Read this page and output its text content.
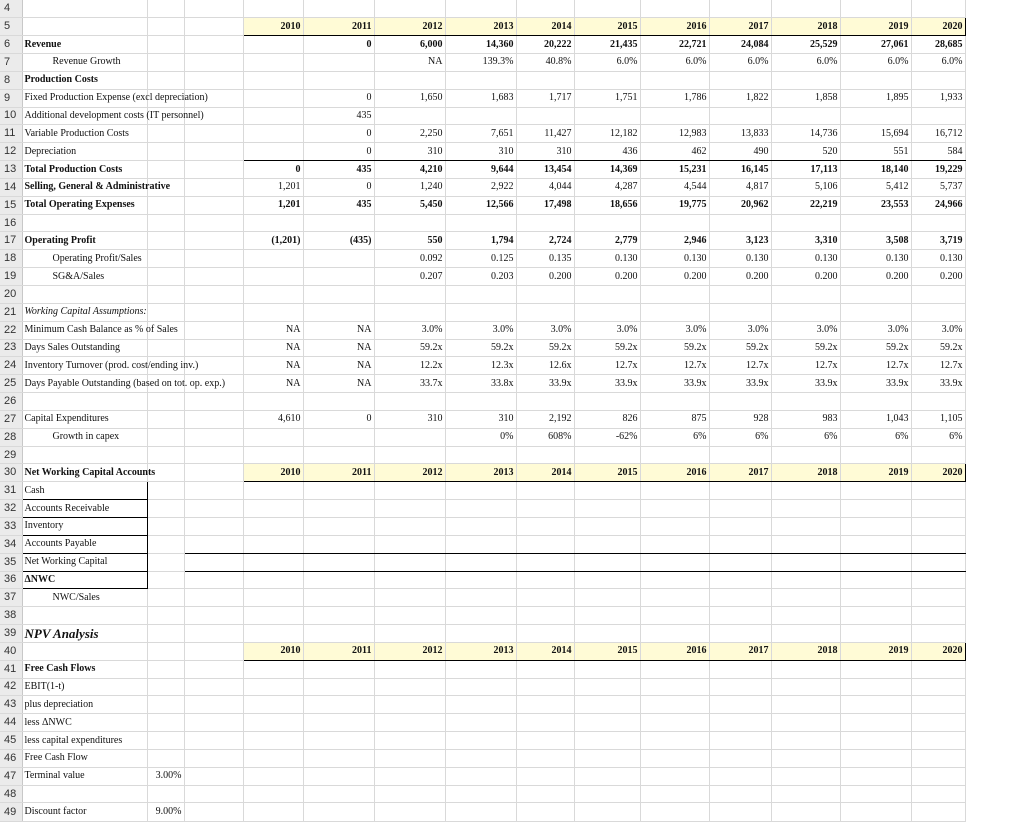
4														
5				2010	2011	2012	2013	2014	2015	2016	2017	2018	2019	2020
6	Revenue				0	6,000	14,360	20,222	21,435	22,721	24,084	25,529	27,061	28,685
7	Revenue Growth					NA	139.3%	40.8%	6.0%	6.0%	6.0%	6.0%	6.0%	6.0%
8	Production Costs													
9	Fixed Production Expense (excl depreciation)				0	1,650	1,683	1,717	1,751	1,786	1,822	1,858	1,895	1,933
10	Additional development costs (IT personnel)				435									
11	Variable Production Costs				0	2,250	7,651	11,427	12,182	12,983	13,833	14,736	15,694	16,712
12	Depreciation				0	310	310	310	436	462	490	520	551	584
13	Total Production Costs			0	435	4,210	9,644	13,454	14,369	15,231	16,145	17,113	18,140	19,229
14	Selling, General & Administrative			1,201	0	1,240	2,922	4,044	4,287	4,544	4,817	5,106	5,412	5,737
15	Total Operating Expenses			1,201	435	5,450	12,566	17,498	18,656	19,775	20,962	22,219	23,553	24,966
16														
17	Operating Profit			(1,201)	(435)	550	1,794	2,724	2,779	2,946	3,123	3,310	3,508	3,719
18	Operating Profit/Sales					0.092	0.125	0.135	0.130	0.130	0.130	0.130	0.130	0.130
19	SG&A/Sales					0.207	0.203	0.200	0.200	0.200	0.200	0.200	0.200	0.200
20														
21	Working Capital Assumptions:													
22	Minimum Cash Balance as % of Sales			NA	NA	3.0%	3.0%	3.0%	3.0%	3.0%	3.0%	3.0%	3.0%	3.0%
23	Days Sales Outstanding			NA	NA	59.2x	59.2x	59.2x	59.2x	59.2x	59.2x	59.2x	59.2x	59.2x
24	Inventory Turnover (prod. cost/ending inv.)			NA	NA	12.2x	12.3x	12.6x	12.7x	12.7x	12.7x	12.7x	12.7x	12.7x
25	Days Payable Outstanding (based on tot. op. exp.)			NA	NA	33.7x	33.8x	33.9x	33.9x	33.9x	33.9x	33.9x	33.9x	33.9x
26														
27	Capital Expenditures			4,610	0	310	310	2,192	826	875	928	983	1,043	1,105
28	Growth in capex						0%	608%	-62%	6%	6%	6%	6%	6%
29														
30	Net Working Capital Accounts			2010	2011	2012	2013	2014	2015	2016	2017	2018	2019	2020
31	Cash													
32	Accounts Receivable													
33	Inventory													
34	Accounts Payable													
35	Net Working Capital													
36	ΔNWC													
37	NWC/Sales													
38														
39	NPV Analysis													
40				2010	2011	2012	2013	2014	2015	2016	2017	2018	2019	2020
41	Free Cash Flows													
42	EBIT(1-t)													
43	plus depreciation													
44	less ΔNWC													
45	less capital expenditures													
46	Free Cash Flow													
47	Terminal value	3.00%												
48														
49	Discount factor	9.00%												
